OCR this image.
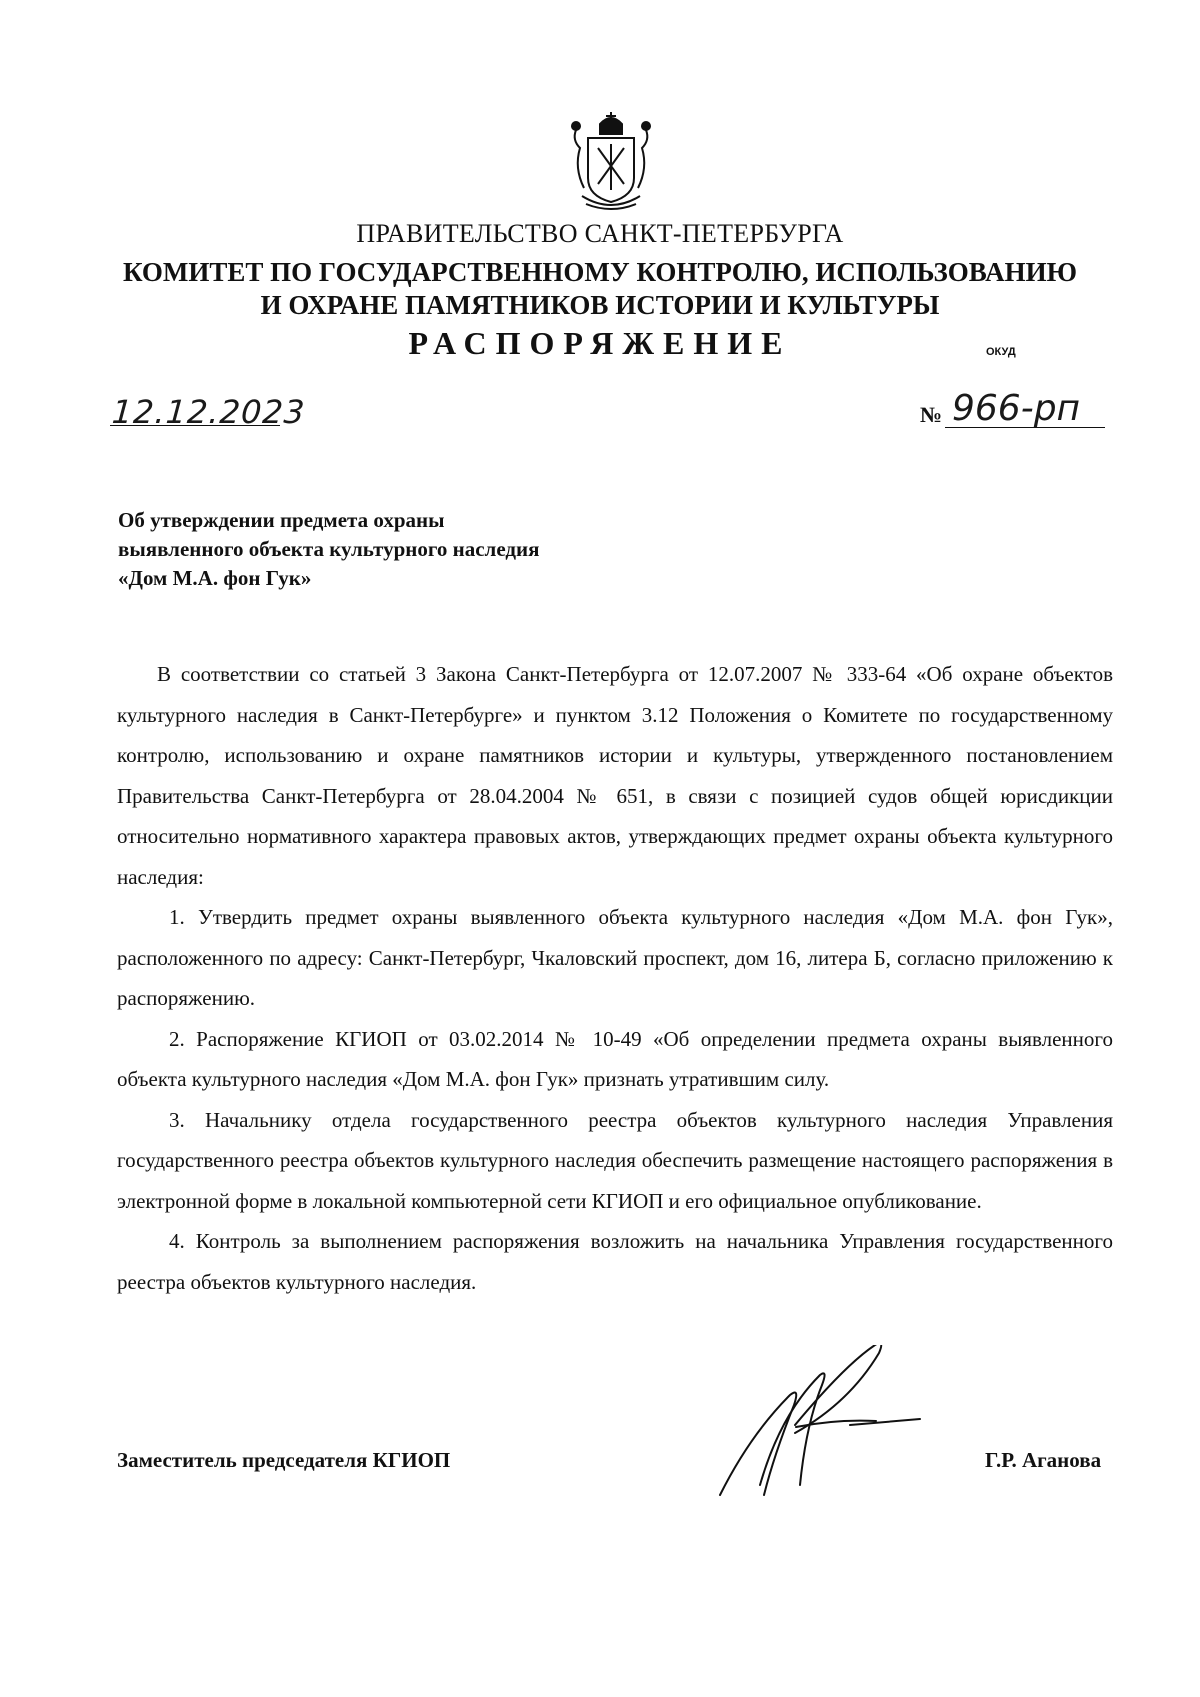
ПРАВИТЕЛЬСТВО САНКТ-ПЕТЕРБУРГА
КОМИТЕТ ПО ГОСУДАРСТВЕННОМУ КОНТРОЛЮ, ИСПОЛЬЗОВАНИЮ
И ОХРАНЕ ПАМЯТНИКОВ ИСТОРИИ И КУЛЬТУРЫ
РАСПОРЯЖЕНИЕ	ОКУД
12.12.2023	№ 966-рп
Об утверждении предмета охраны
выявленного объекта культурного наследия
«Дом М.А. фон Гук»

В соответствии со статьей 3 Закона Санкт-Петербурга от 12.07.2007 № 333-64 «Об охране объектов культурного наследия в Санкт-Петербурге» и пунктом 3.12 Положения о Комитете по государственному контролю, использованию и охране памятников истории и культуры, утвержденного постановлением Правительства Санкт-Петербурга от 28.04.2004 № 651, в связи с позицией судов общей юрисдикции относительно нормативного характера правовых актов, утверждающих предмет охраны объекта культурного наследия:

1. Утвердить предмет охраны выявленного объекта культурного наследия «Дом М.А. фон Гук», расположенного по адресу: Санкт-Петербург, Чкаловский проспект, дом 16, литера Б, согласно приложению к распоряжению.

2. Распоряжение КГИОП от 03.02.2014 № 10-49 «Об определении предмета охраны выявленного объекта культурного наследия «Дом М.А. фон Гук» признать утратившим силу.

3. Начальнику отдела государственного реестра объектов культурного наследия Управления государственного реестра объектов культурного наследия обеспечить размещение настоящего распоряжения в электронной форме в локальной компьютерной сети КГИОП и его официальное опубликование.

4. Контроль за выполнением распоряжения возложить на начальника Управления государственного реестра объектов культурного наследия.

Заместитель председателя КГИОП	Г.Р. Аганова
